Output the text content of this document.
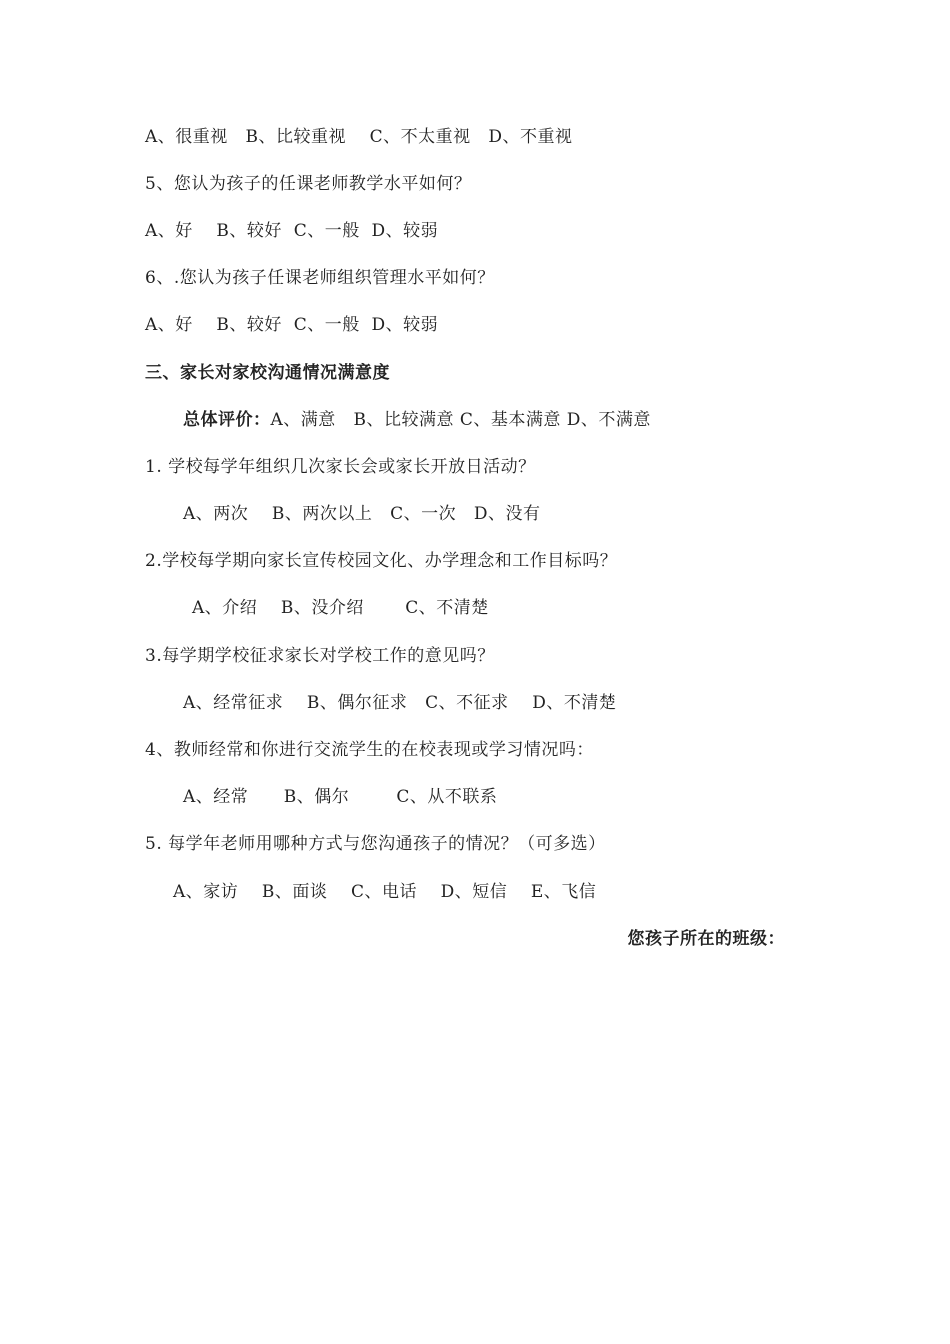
A、很重视   B、比较重视    C、不太重视   D、不重视
5、您认为孩子的任课老师教学水平如何？
A、好    B、较好  C、一般  D、较弱
6、.您认为孩子任课老师组织管理水平如何？
A、好    B、较好  C、一般  D、较弱
三、家长对家校沟通情况满意度
总体评价：A、满意   B、比较满意 C、基本满意 D、不满意
1. 学校每学年组织几次家长会或家长开放日活动？
A、两次    B、两次以上   C、一次   D、没有
2.学校每学期向家长宣传校园文化、办学理念和工作目标吗？
A、介绍    B、没介绍       C、不清楚
3.每学期学校征求家长对学校工作的意见吗？
A、经常征求    B、偶尔征求   C、不征求    D、不清楚
4、教师经常和你进行交流学生的在校表现或学习情况吗：
A、经常      B、偶尔        C、从不联系
5. 每学年老师用哪种方式与您沟通孩子的情况？（可多选）
A、家访    B、面谈    C、电话    D、短信    E、飞信
您孩子所在的班级：
